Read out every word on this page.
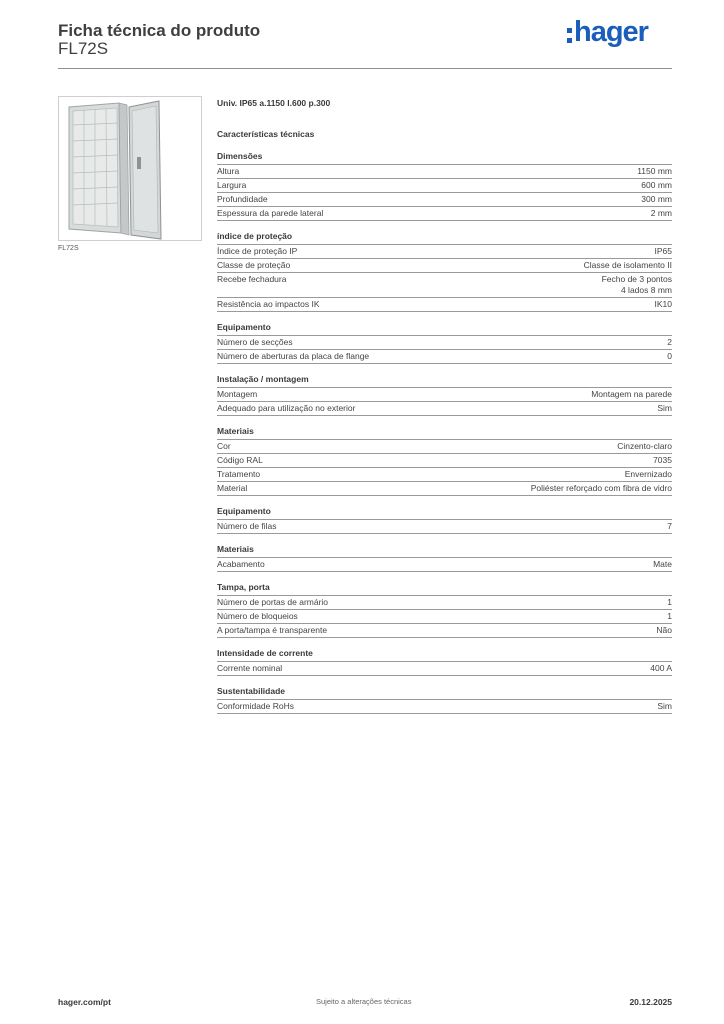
Ficha técnica do produto
FL72S
hager
FL72S
Univ. IP65 a.1150 l.600 p.300
Características técnicas
Dimensões
Altura	1150 mm
Largura	600 mm
Profundidade	300 mm
Espessura da parede lateral	2 mm
índice de proteção
Índice de proteção IP	IP65
Classe de proteção	Classe de isolamento II
Recebe fechadura	Fecho de 3 pontos
4 lados 8 mm
Resistência ao impactos IK	IK10
Equipamento
Número de secções	2
Número de aberturas da placa de flange	0
Instalação / montagem
Montagem	Montagem na parede
Adequado para utilização no exterior	Sim
Materiais
Cor	Cinzento-claro
Código RAL	7035
Tratamento	Envernizado
Material	Poliéster reforçado com fibra de vidro
Equipamento
Número de filas	7
Materiais
Acabamento	Mate
Tampa, porta
Número de portas de armário	1
Número de bloqueios	1
A porta/tampa é transparente	Não
Intensidade de corrente
Corrente nominal	400 A
Sustentabilidade
Conformidade RoHs	Sim
hager.com/pt	Sujeito a alterações técnicas	20.12.2025
